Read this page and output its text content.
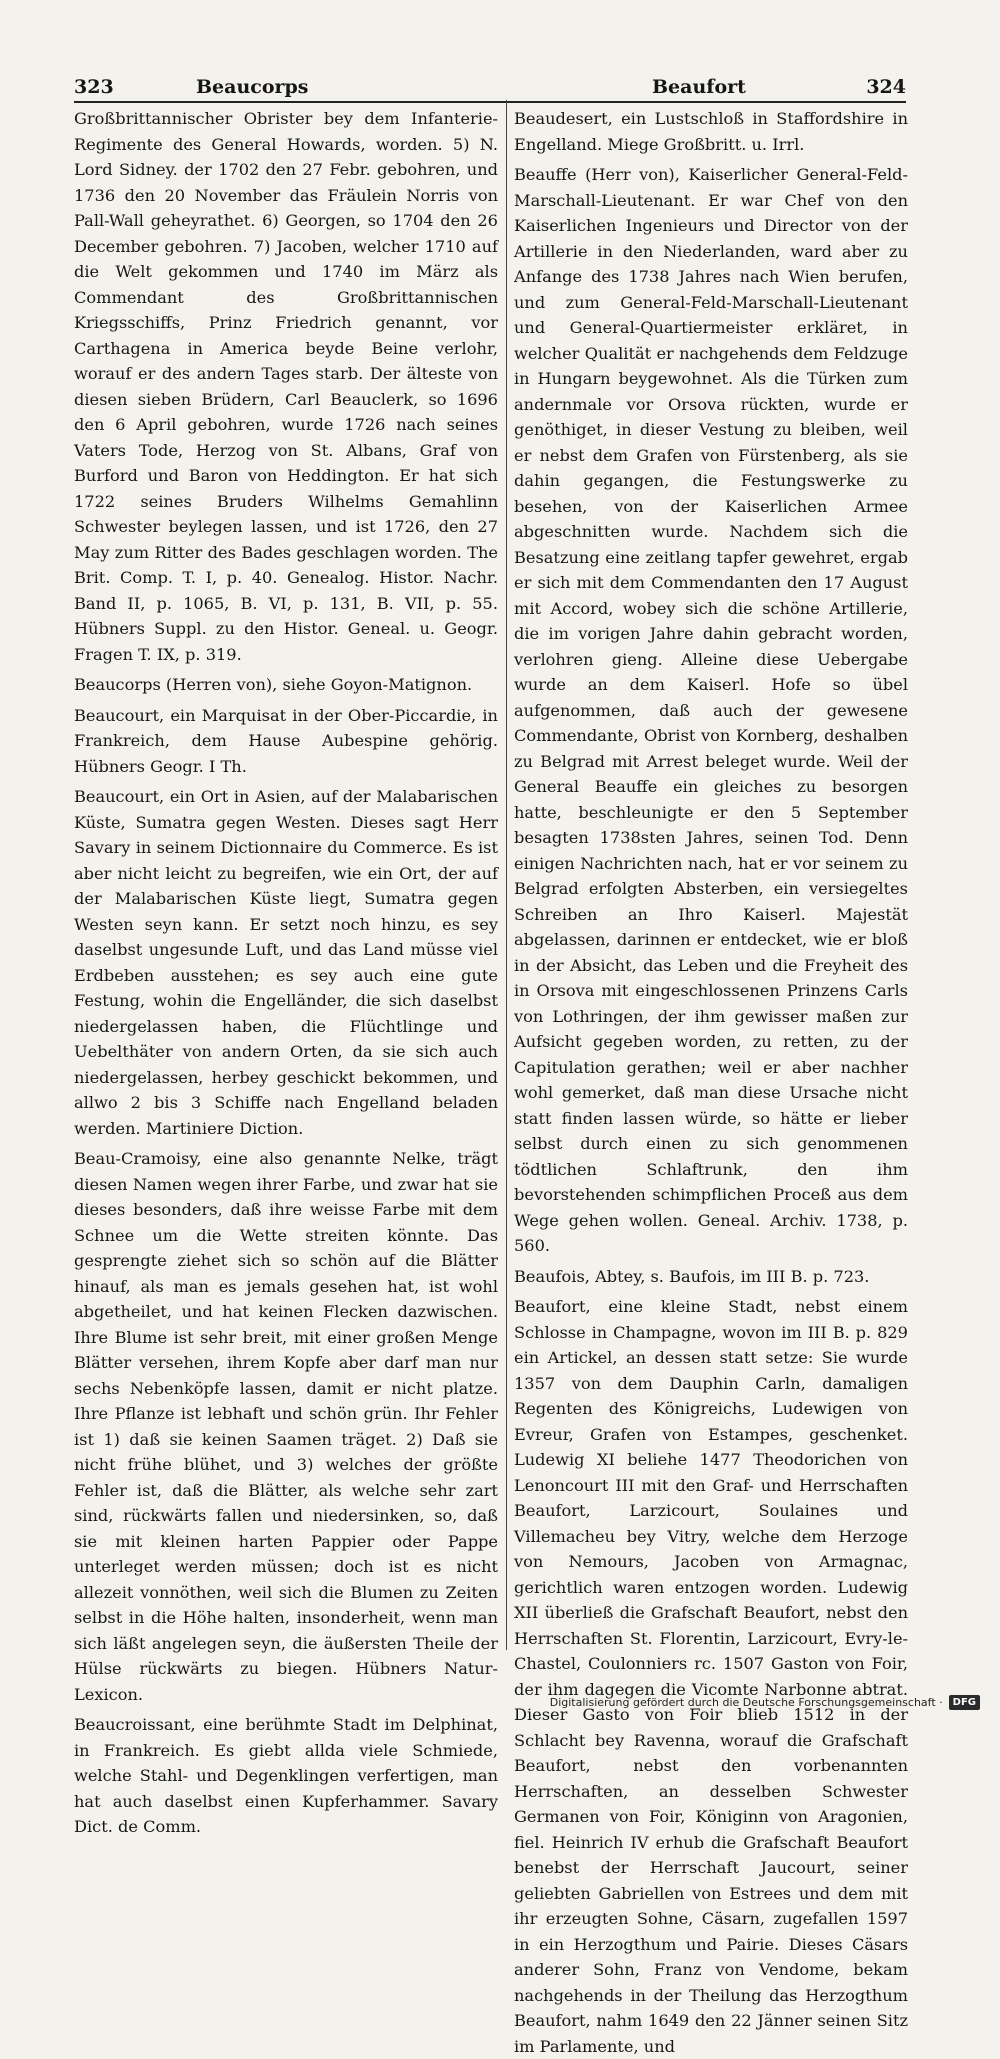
323	Beaucorps	Beaufort	324

Großbrittannischer Obrister bey dem Infanterie-Regimente des General Howards, worden. 5) N. Lord Sidney. der 1702 den 27 Febr. gebohren, und 1736 den 20 November das Fräulein Norris von Pall-Wall geheyrathet. 6) Georgen, so 1704 den 26 December gebohren. 7) Jacoben, welcher 1710 auf die Welt gekommen und 1740 im März als Commendant des Großbrittannischen Kriegsschiffs, Prinz Friedrich genannt, vor Carthagena in America beyde Beine verlohr, worauf er des andern Tages starb. Der älteste von diesen sieben Brüdern, Carl Beauclerk, so 1696 den 6 April gebohren, wurde 1726 nach seines Vaters Tode, Herzog von St. Albans, Graf von Burford und Baron von Heddington. Er hat sich 1722 seines Bruders Wilhelms Gemahlinn Schwester beylegen lassen, und ist 1726, den 27 May zum Ritter des Bades geschlagen worden. The Brit. Comp. T. I, p. 40. Genealog. Histor. Nachr. Band II, p. 1065, B. VI, p. 131, B. VII, p. 55. Hübners Suppl. zu den Histor. Geneal. u. Geogr. Fragen T. IX, p. 319.

Beaucorps (Herren von), siehe Goyon-Matignon.

Beaucourt, ein Marquisat in der Ober-Piccardie, in Frankreich, dem Hause Aubespine gehörig. Hübners Geogr. I Th.

Beaucourt, ein Ort in Asien, auf der Malabarischen Küste, Sumatra gegen Westen. Dieses sagt Herr Savary in seinem Dictionnaire du Commerce. Es ist aber nicht leicht zu begreifen, wie ein Ort, der auf der Malabarischen Küste liegt, Sumatra gegen Westen seyn kann. Er setzt noch hinzu, es sey daselbst ungesunde Luft, und das Land müsse viel Erdbeben ausstehen; es sey auch eine gute Festung, wohin die Engelländer, die sich daselbst niedergelassen haben, die Flüchtlinge und Uebelthäter von andern Orten, da sie sich auch niedergelassen, herbey geschickt bekommen, und allwo 2 bis 3 Schiffe nach Engelland beladen werden. Martiniere Diction.

Beau-Cramoisy, eine also genannte Nelke, trägt diesen Namen wegen ihrer Farbe, und zwar hat sie dieses besonders, daß ihre weisse Farbe mit dem Schnee um die Wette streiten könnte. Das gesprengte ziehet sich so schön auf die Blätter hinauf, als man es jemals gesehen hat, ist wohl abgetheilet, und hat keinen Flecken dazwischen. Ihre Blume ist sehr breit, mit einer großen Menge Blätter versehen, ihrem Kopfe aber darf man nur sechs Nebenköpfe lassen, damit er nicht platze. Ihre Pflanze ist lebhaft und schön grün. Ihr Fehler ist 1) daß sie keinen Saamen träget. 2) Daß sie nicht frühe blühet, und 3) welches der größte Fehler ist, daß die Blätter, als welche sehr zart sind, rückwärts fallen und niedersinken, so, daß sie mit kleinen harten Pappier oder Pappe unterleget werden müssen; doch ist es nicht allezeit vonnöthen, weil sich die Blumen zu Zeiten selbst in die Höhe halten, insonderheit, wenn man sich läßt angelegen seyn, die äußersten Theile der Hülse rückwärts zu biegen. Hübners Natur-Lexicon.

Beaucroissant, eine berühmte Stadt im Delphinat, in Frankreich. Es giebt allda viele Schmiede, welche Stahl- und Degenklingen verfertigen, man hat auch daselbst einen Kupferhammer. Savary Dict. de Comm.

Beaudesert, ein Lustschloß in Staffordshire in Engelland. Miege Großbritt. u. Irrl.

Beauffe (Herr von), Kaiserlicher General-Feld-Marschall-Lieutenant. Er war Chef von den Kaiserlichen Ingenieurs und Director von der Artillerie in den Niederlanden, ward aber zu Anfange des 1738 Jahres nach Wien berufen, und zum General-Feld-Marschall-Lieutenant und General-Quartiermeister erkläret, in welcher Qualität er nachgehends dem Feldzuge in Hungarn beygewohnet. Als die Türken zum andernmale vor Orsova rückten, wurde er genöthiget, in dieser Vestung zu bleiben, weil er nebst dem Grafen von Fürstenberg, als sie dahin gegangen, die Festungswerke zu besehen, von der Kaiserlichen Armee abgeschnitten wurde. Nachdem sich die Besatzung eine zeitlang tapfer gewehret, ergab er sich mit dem Commendanten den 17 August mit Accord, wobey sich die schöne Artillerie, die im vorigen Jahre dahin gebracht worden, verlohren gieng. Alleine diese Uebergabe wurde an dem Kaiserl. Hofe so übel aufgenommen, daß auch der gewesene Commendante, Obrist von Kornberg, deshalben zu Belgrad mit Arrest beleget wurde. Weil der General Beauffe ein gleiches zu besorgen hatte, beschleunigte er den 5 September besagten 1738sten Jahres, seinen Tod. Denn einigen Nachrichten nach, hat er vor seinem zu Belgrad erfolgten Absterben, ein versiegeltes Schreiben an Ihro Kaiserl. Majestät abgelassen, darinnen er entdecket, wie er bloß in der Absicht, das Leben und die Freyheit des in Orsova mit eingeschlossenen Prinzens Carls von Lothringen, der ihm gewisser maßen zur Aufsicht gegeben worden, zu retten, zu der Capitulation gerathen; weil er aber nachher wohl gemerket, daß man diese Ursache nicht statt finden lassen würde, so hätte er lieber selbst durch einen zu sich genommenen tödtlichen Schlaftrunk, den ihm bevorstehenden schimpflichen Proceß aus dem Wege gehen wollen. Geneal. Archiv. 1738, p. 560.

Beaufois, Abtey, s. Baufois, im III B. p. 723.

Beaufort, eine kleine Stadt, nebst einem Schlosse in Champagne, wovon im III B. p. 829 ein Artickel, an dessen statt setze: Sie wurde 1357 von dem Dauphin Carln, damaligen Regenten des Königreichs, Ludewigen von Evreur, Grafen von Estampes, geschenket. Ludewig XI beliehe 1477 Theodorichen von Lenoncourt III mit den Graf- und Herrschaften Beaufort, Larzicourt, Soulaines und Villemacheu bey Vitry, welche dem Herzoge von Nemours, Jacoben von Armagnac, gerichtlich waren entzogen worden. Ludewig XII überließ die Grafschaft Beaufort, nebst den Herrschaften St. Florentin, Larzicourt, Evry-le-Chastel, Coulonniers rc. 1507 Gaston von Foir, der ihm dagegen die Vicomte Narbonne abtrat. Dieser Gasto von Foir blieb 1512 in der Schlacht bey Ravenna, worauf die Grafschaft Beaufort, nebst den vorbenannten Herrschaften, an desselben Schwester Germanen von Foir, Königinn von Aragonien, fiel. Heinrich IV erhub die Grafschaft Beaufort benebst der Herrschaft Jaucourt, seiner geliebten Gabriellen von Estrees und dem mit ihr erzeugten Sohne, Cäsarn, zugefallen 1597 in ein Herzogthum und Pairie. Dieses Cäsars anderer Sohn, Franz von Vendome, bekam nachgehends in der Theilung das Herzogthum Beaufort, nahm 1649 den 22 Jänner seinen Sitz im Parlamente, und

Digitalisierung gefördert durch die Deutsche Forschungsgemeinschaft ·	DFG
